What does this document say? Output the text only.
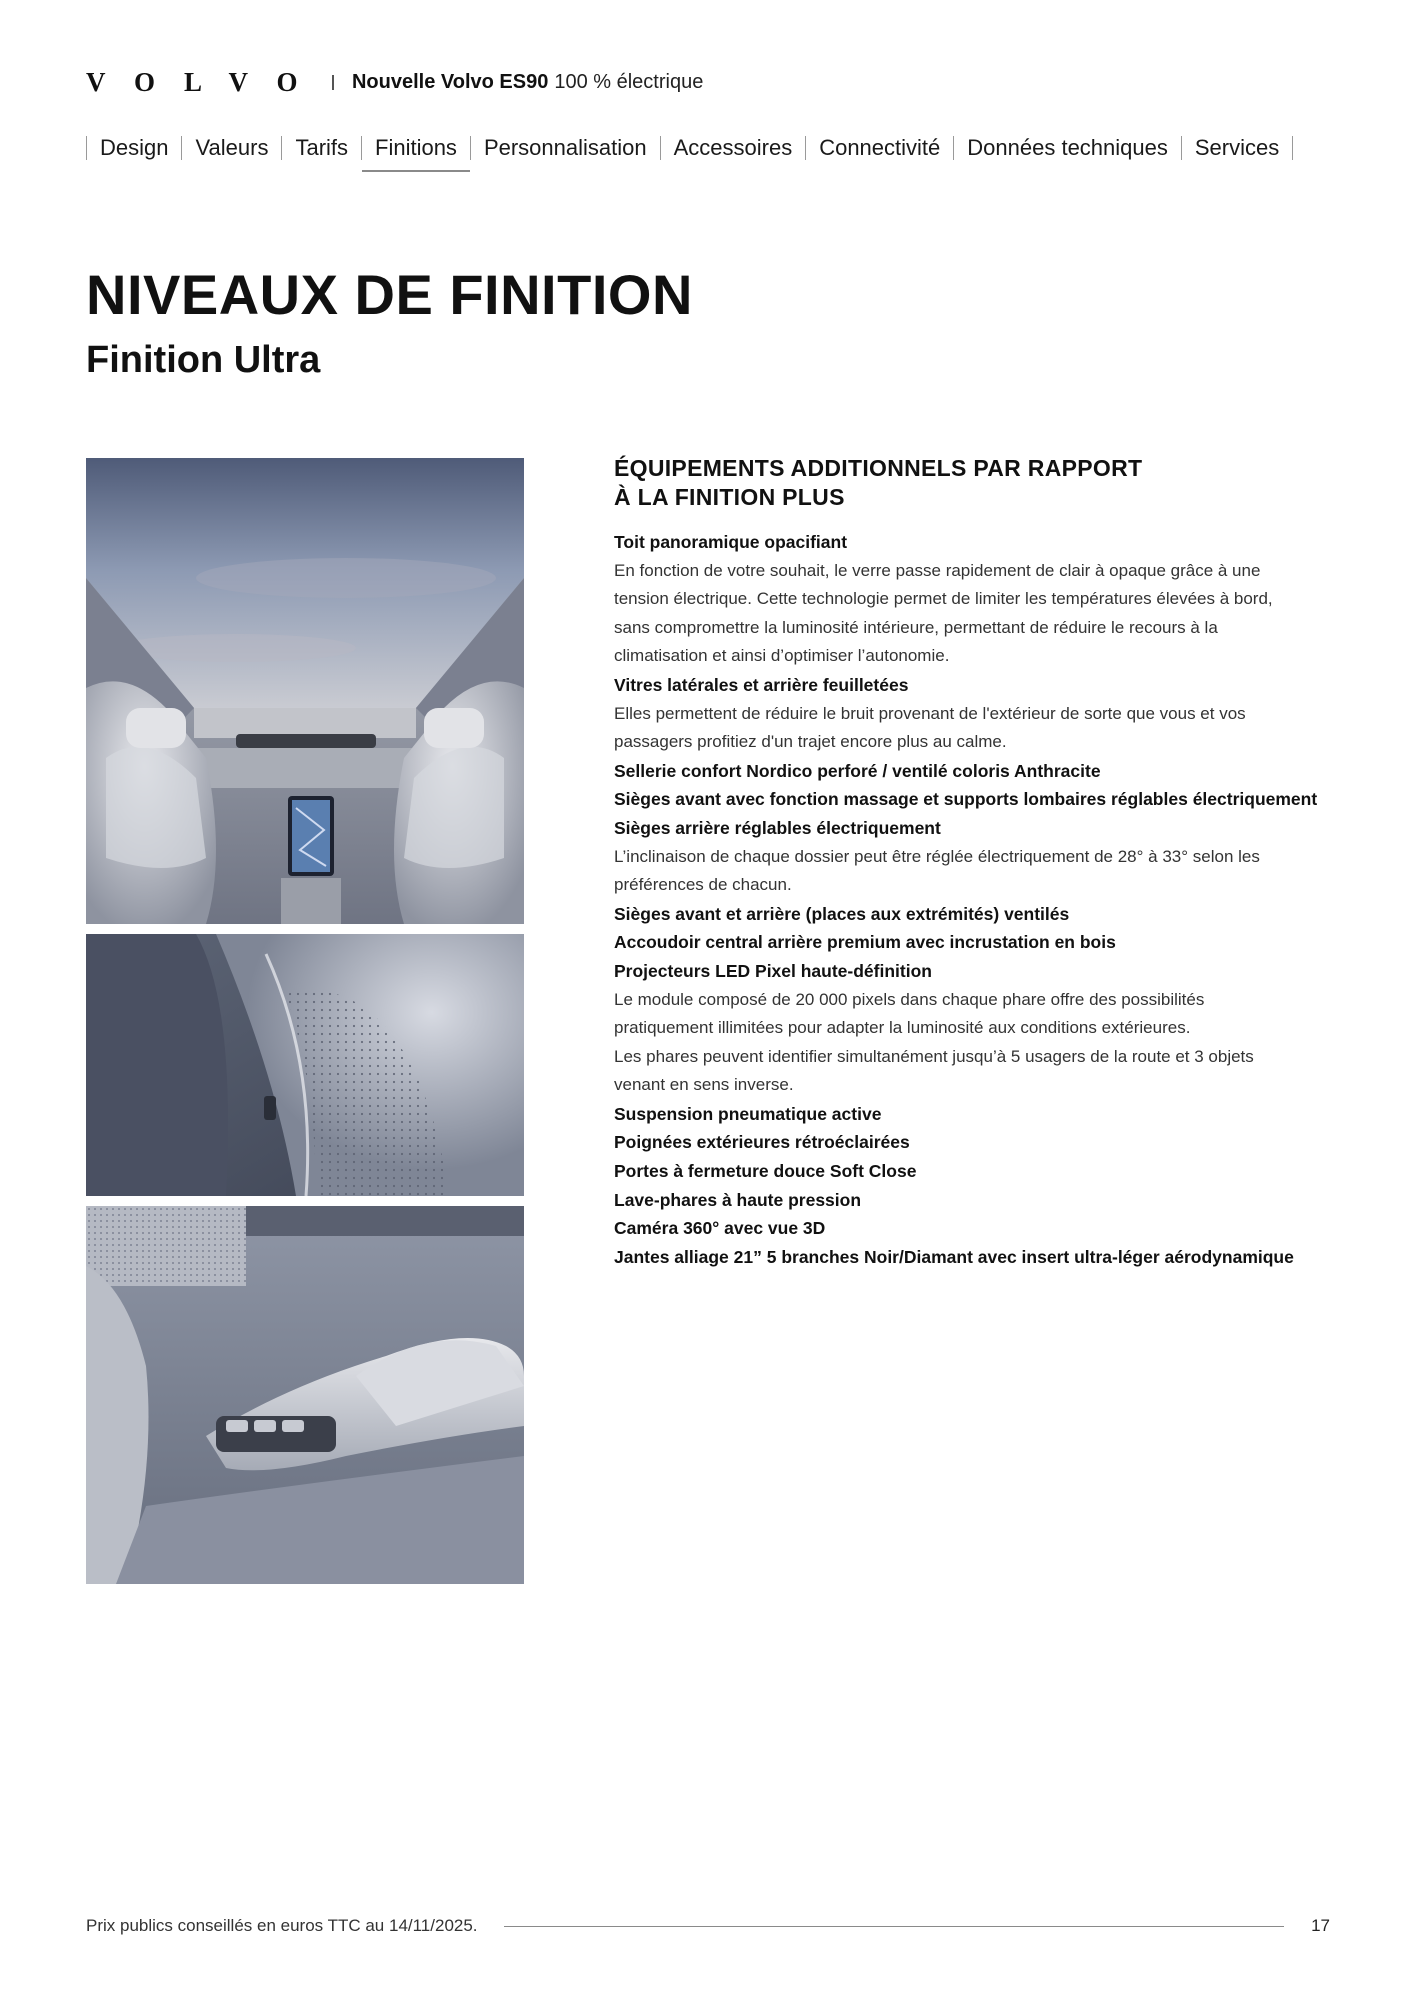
VOLVO Nouvelle Volvo ES90 100 % électrique
Design	Valeurs	Tarifs	Finitions	Personnalisation	Accessoires	Connectivité	Données techniques	Services
NIVEAUX DE FINITION
Finition Ultra
ÉQUIPEMENTS ADDITIONNELS PAR RAPPORT
À LA FINITION PLUS
Toit panoramique opacifiant
En fonction de votre souhait, le verre passe rapidement de clair à opaque grâce à une
tension électrique. Cette technologie permet de limiter les températures élevées à bord,
sans compromettre la luminosité intérieure, permettant de réduire le recours à la
climatisation et ainsi d’optimiser l’autonomie.
Vitres latérales et arrière feuilletées
Elles permettent de réduire le bruit provenant de l'extérieur de sorte que vous et vos
passagers profitiez d'un trajet encore plus au calme.
Sellerie confort Nordico perforé / ventilé coloris Anthracite
Sièges avant avec fonction massage et supports lombaires réglables électriquement
Sièges arrière réglables électriquement
L’inclinaison de chaque dossier peut être réglée électriquement de 28° à 33° selon les
préférences de chacun.
Sièges avant et arrière (places aux extrémités) ventilés
Accoudoir central arrière premium avec incrustation en bois
Projecteurs LED Pixel haute-définition
Le module composé de 20 000 pixels dans chaque phare offre des possibilités
pratiquement illimitées pour adapter la luminosité aux conditions extérieures.
Les phares peuvent identifier simultanément jusqu’à 5 usagers de la route et 3 objets
venant en sens inverse.
Suspension pneumatique active
Poignées extérieures rétroéclairées
Portes à fermeture douce Soft Close
Lave-phares à haute pression
Caméra 360° avec vue 3D
Jantes alliage 21” 5 branches Noir/Diamant avec insert ultra-léger aérodynamique
Prix publics conseillés en euros TTC au 14/11/2025.	17
